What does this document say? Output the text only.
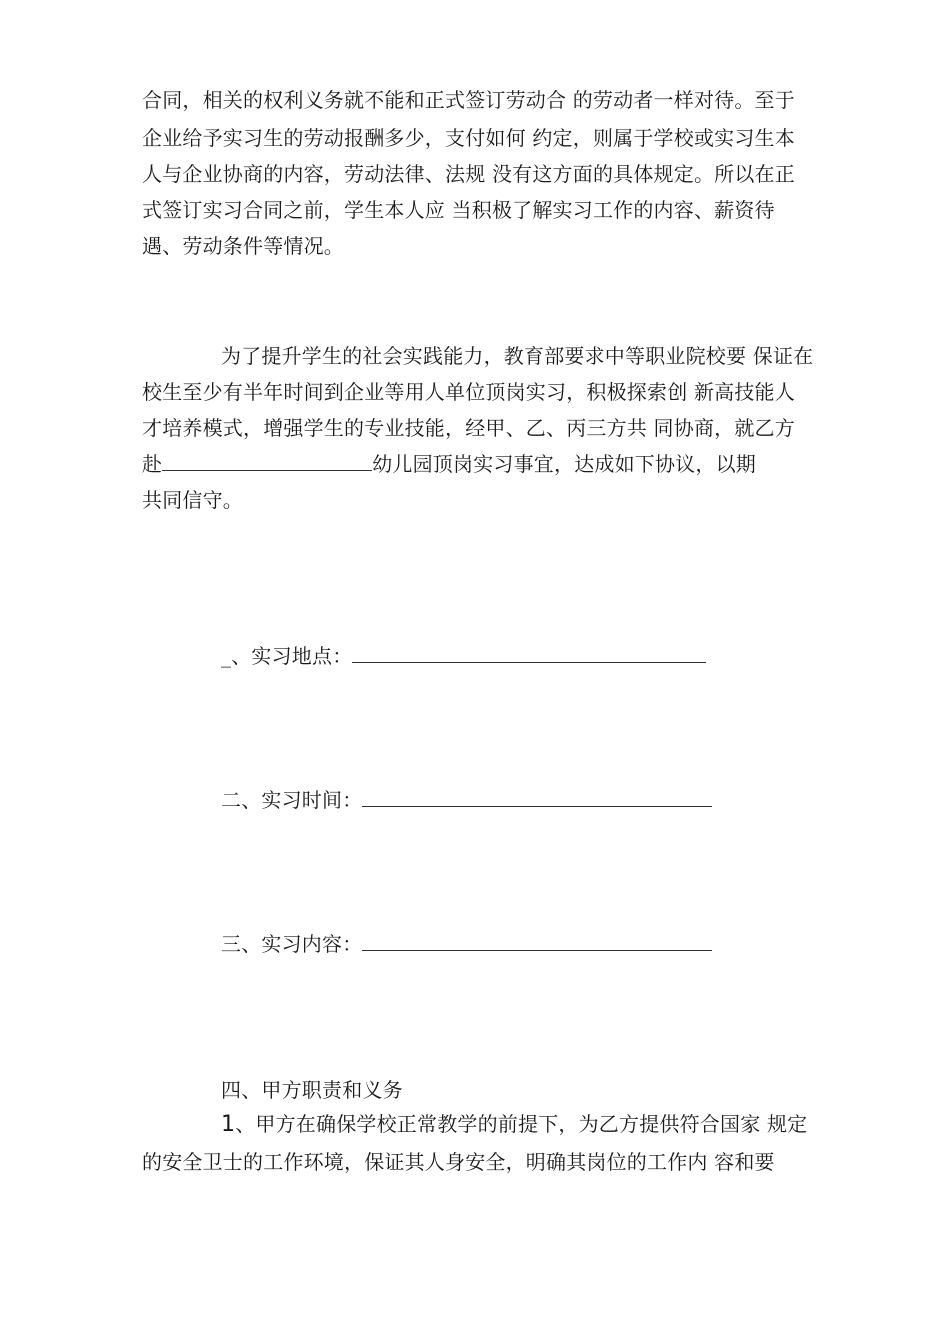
合同，相关的权利义务就不能和正式签订劳动合 的劳动者一样对待。至于
企业给予实习生的劳动报酬多少，支付如何 约定，则属于学校或实习生本
人与企业协商的内容，劳动法律、法规 没有这方面的具体规定。所以在正
式签订实习合同之前，学生本人应 当积极了解实习工作的内容、薪资待
遇、劳动条件等情况。
为了提升学生的社会实践能力，教育部要求中等职业院校要 保证在
校生至少有半年时间到企业等用人单位顶岗实习，积极探索创 新高技能人
才培养模式，增强学生的专业技能，经甲、乙、丙三方共 同协商，就乙方
赴	幼儿园顶岗实习事宜，达成如下协议，以期
共同信守。
_、实习地点：
二、实习时间：
三、实习内容：
四、甲方职责和义务
1、甲方在确保学校正常教学的前提下，为乙方提供符合国家 规定
的安全卫士的工作环境，保证其人身安全，明确其岗位的工作内 容和要
